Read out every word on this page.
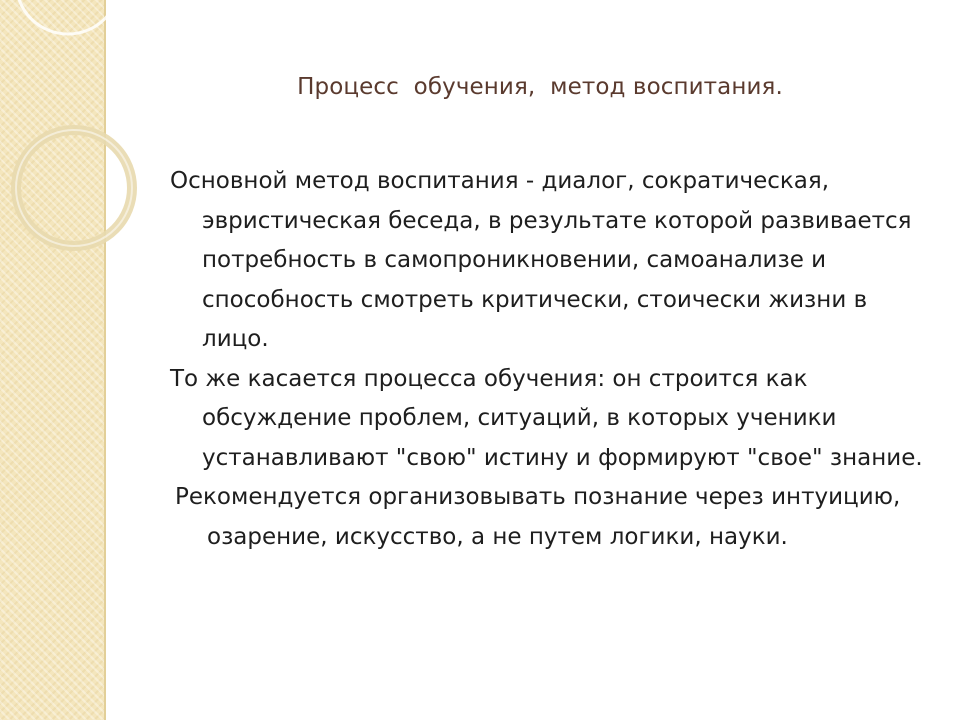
Процесс  обучения,  метод воспитания.

Основной метод воспитания - диалог, сократическая, эвристическая беседа, в результате которой развивается потребность в самопроникновении, самоанализе и способность смотреть критически, стоически жизни в лицо.

То же касается процесса обучения: он строится как обсуждение проблем, ситуаций, в которых ученики устанавливают "свою" истину и формируют "свое" знание.

Рекомендуется организовывать познание через интуицию, озарение, искусство, а не путем логики, науки.
